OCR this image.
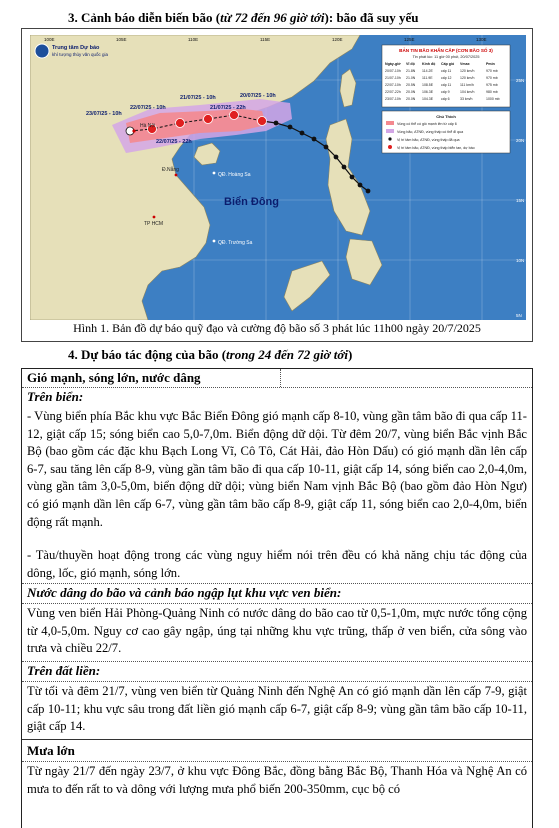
3. Cảnh báo diễn biến bão (từ 72 đến 96 giờ tới): bão đã suy yếu
23/07/25 - 10h
22/07/25 - 10h
21/07/25 - 10h	20/07/25 - 10h
22/07/25 - 22h
21/07/25 - 22h
Hà Nội
Đ.Nẵng
QĐ. Hoàng Sa
Biển Đông
TP HCM
QĐ. Trường Sa
Trung tâm Dự báo
khí tượng thủy văn quốc gia
100E	105E	110E	115E	120E	125E	130E
25N
20N
15N
10N
5N
BẢN TIN BÃO KHẨN CẤP (CƠN BÃO SỐ 3)
Tin phát lúc: 11 giờ 00 phút, 20/07/2025
Ngày-giờ Vĩ độ Kinh độ Cấp gió Vmax	Pmin
20/07-10h 21.8N 114.2E cấp 11	120 km/h	970 mb
21/07-10h 21.0N 111.9E cấp 12 120 km/h	970 mb
22/07-10h 20.5N 108.5E cấp 11	111 km/h	975 mb
22/07-22h 20.0N 106.3E cấp 9	104 km/h	980 mb
23/07-10h 20.0N 104.3E cấp 6	33 km/h	1000 mb
Chú Thích
Vùng có thể có gió mạnh lên từ cấp 6
Vùng bão, ATNĐ, vùng thấp có thể đi qua
Vị trí tâm bão, ATNĐ, vùng thấp đã qua
Vị trí tâm bão, ATNĐ, vùng thấp biển tan, dự báo
Hình 1. Bản đồ dự báo quỹ đạo và cường độ bão số 3 phát lúc 11h00 ngày 20/7/2025
4. Dự báo tác động của bão (trong 24 đến 72 giờ tới)
Gió mạnh, sóng lớn, nước dâng
Trên biển:
- Vùng biển phía Bắc khu vực Bắc Biển Đông gió mạnh cấp 8-10, vùng gần tâm bão đi qua cấp 11-12, giật cấp 15; sóng biển cao 5,0-7,0m. Biển động dữ dội. Từ đêm 20/7, vùng biển Bắc vịnh Bắc Bộ (bao gồm các đặc khu Bạch Long Vĩ, Cô Tô, Cát Hải, đảo Hòn Dấu) có gió mạnh dần lên cấp 6-7, sau tăng lên cấp 8-9, vùng gần tâm bão đi qua cấp 10-11, giật cấp 14, sóng biển cao 2,0-4,0m, vùng gần tâm 3,0-5,0m, biển động dữ dội; vùng biển Nam vịnh Bắc Bộ (bao gồm đảo Hòn Ngư) có gió mạnh dần lên cấp 6-7, vùng gần tâm bão cấp 8-9, giật cấp 11, sóng biển cao 2,0-4,0m, biển động rất mạnh.
- Tàu/thuyền hoạt động trong các vùng nguy hiểm nói trên đều có khả năng chịu tác động của dông, lốc, gió mạnh, sóng lớn.
Nước dâng do bão và cảnh báo ngập lụt khu vực ven biển:
Vùng ven biển Hải Phòng-Quảng Ninh có nước dâng do bão cao từ 0,5-1,0m, mực nước tổng cộng từ 4,0-5,0m. Nguy cơ cao gây ngập, úng tại những khu vực trũng, thấp ở ven biển, cửa sông vào trưa và chiều 22/7.
Trên đất liền:
Từ tối và đêm 21/7, vùng ven biển từ Quảng Ninh đến Nghệ An có gió mạnh dần lên cấp 7-9, giật cấp 10-11; khu vực sâu trong đất liền gió mạnh cấp 6-7, giật cấp 8-9; vùng gần tâm bão cấp 10-11, giật cấp 14.
Mưa lớn
Từ ngày 21/7 đến ngày 23/7, ở khu vực Đông Bắc, đồng bằng Bắc Bộ, Thanh Hóa và Nghệ An có mưa to đến rất to và dông với lượng mưa phổ biến 200-350mm, cục bộ có
